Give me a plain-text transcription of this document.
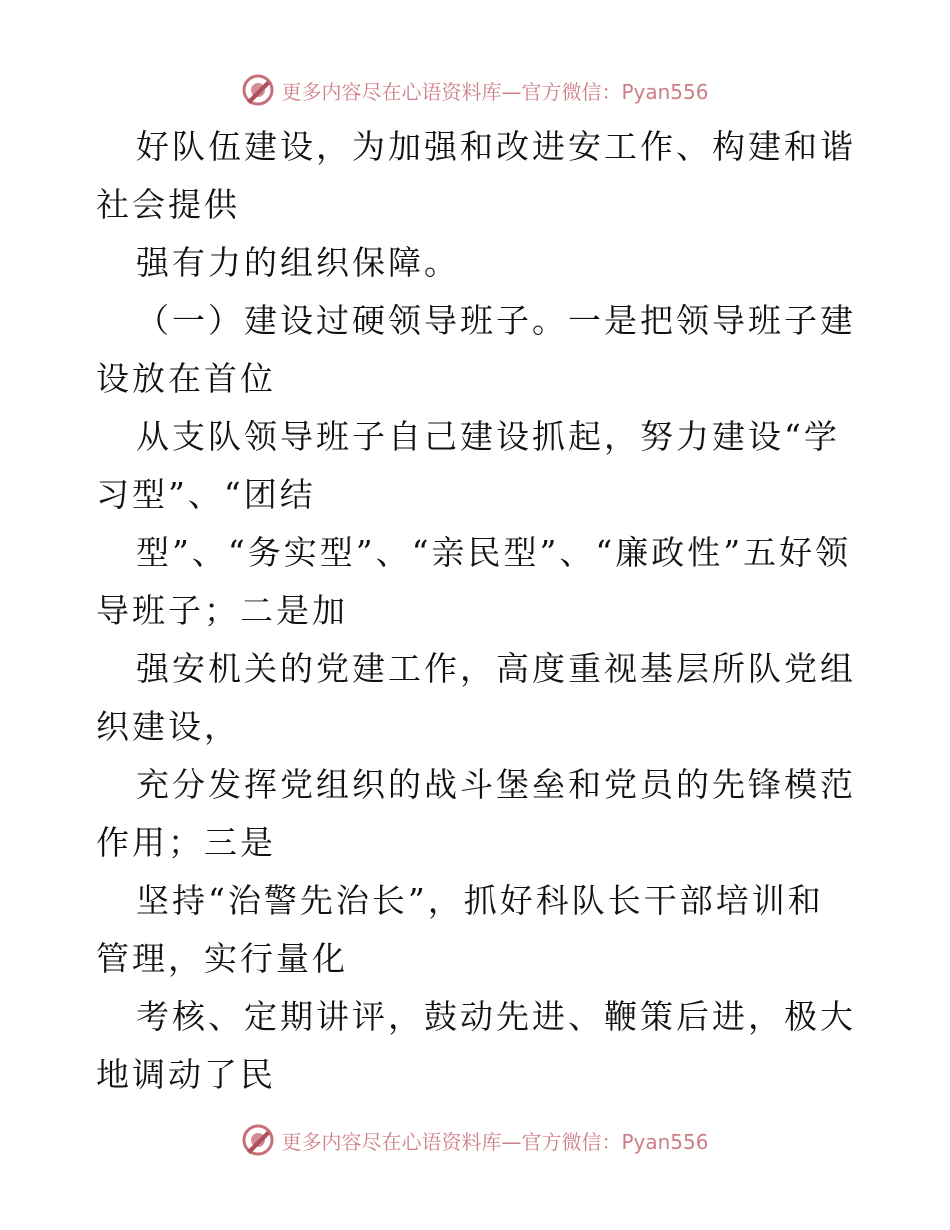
更多内容尽在心语资料库—官方微信：Pyan556

好队伍建设，为加强和改进安工作、构建和谐社会提供

强有力的组织保障。

（一）建设过硬领导班子。一是把领导班子建设放在首位

从支队领导班子自己建设抓起，努力建设“学习型”、“团结

型”、“务实型”、“亲民型”、“廉政性”五好领导班子；二是加

强安机关的党建工作，高度重视基层所队党组织建设，

充分发挥党组织的战斗堡垒和党员的先锋模范作用；三是

坚持“治警先治长”，抓好科队长干部培训和管理，实行量化

考核、定期讲评，鼓动先进、鞭策后进，极大地调动了民

更多内容尽在心语资料库—官方微信：Pyan556
